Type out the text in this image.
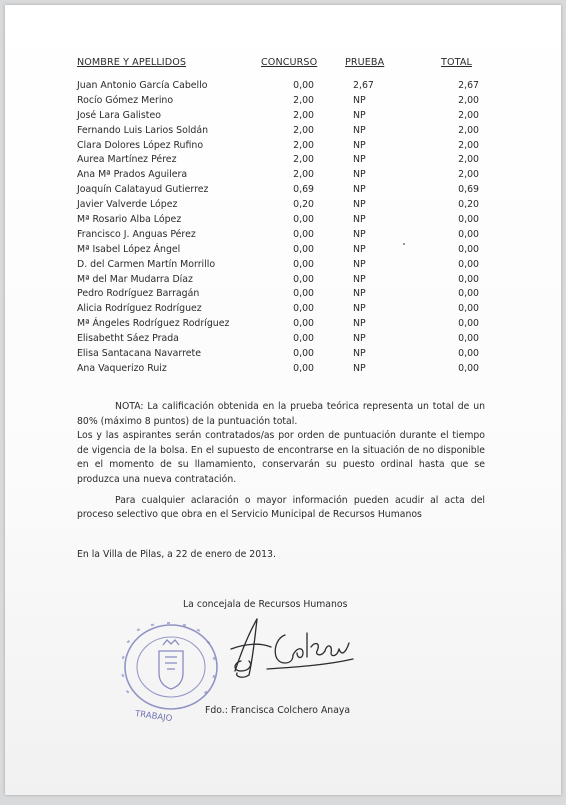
NOMBRE Y APELLIDOS	CONCURSO	PRUEBA	TOTAL
Juan Antonio García Cabello	0,00	2,67	2,67
Rocío Gómez Merino	2,00	NP	2,00
José Lara Galisteo	2,00	NP	2,00
Fernando Luis Larios Soldán	2,00	NP	2,00
Clara Dolores López Rufino	2,00	NP	2,00
Aurea Martínez Pérez	2,00	NP	2,00
Ana Mª Prados Aguilera	2,00	NP	2,00
Joaquín Calatayud Gutierrez	0,69	NP	0,69
Javier Valverde López	0,20	NP	0,20
Mª Rosario Alba López	0,00	NP	0,00
Francisco J. Anguas Pérez	0,00	NP	0,00
Mª Isabel López Ángel	0,00	NP	0,00
D. del Carmen Martín Morrillo	0,00	NP	0,00
Mª del Mar Mudarra Díaz	0,00	NP	0,00
Pedro Rodríguez Barragán	0,00	NP	0,00
Alicia Rodríguez Rodríguez	0,00	NP	0,00
Mª Ángeles Rodríguez Rodríguez	0,00	NP	0,00
Elisabetht Sáez Prada	0,00	NP	0,00
Elisa Santacana Navarrete	0,00	NP	0,00
Ana Vaquerizo Ruiz	0,00	NP	0,00

NOTA: La calificación obtenida en la prueba teórica representa un total de un 80% (máximo 8 puntos) de la puntuación total.

Los y las aspirantes serán contratados/as por orden de puntuación durante el tiempo de vigencia de la bolsa. En el supuesto de encontrarse en la situación de no disponible en el momento de su llamamiento, conservarán su puesto ordinal hasta que se produzca una nueva contratación.

Para cualquier aclaración o mayor información pueden acudir al acta del proceso selectivo que obra en el Servicio Municipal de Recursos Humanos

En la Villa de Pilas, a 22 de enero de 2013.
La concejala de Recursos Humanos
TRABAJO	Fdo.: Francisca Colchero Anaya
